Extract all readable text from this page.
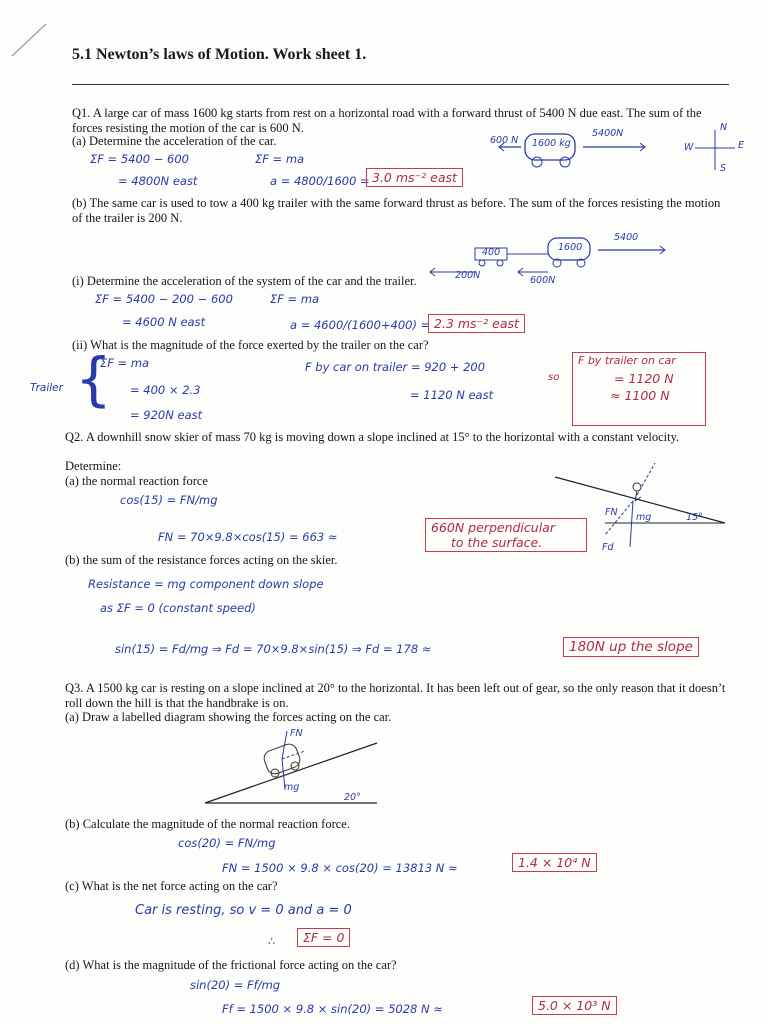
5.1 Newton’s laws of Motion. Work sheet 1.
Q1. A large car of mass 1600 kg starts from rest on a horizontal road with a forward thrust of 5400 N due east. The sum of the forces resisting the motion of the car is 600 N.
(a) Determine the acceleration of the car.
ΣF = 5400 − 600
= 4800N east
ΣF = ma
a = 4800/1600 = 3.0 ms⁻² east
600 N 1600 kg
5400N
N
E
S
W
(b) The same car is used to tow a 400 kg trailer with the same forward thrust as before. The sum of the forces resisting the motion of the trailer is 200 N.
400	1600
5400
200N	600N
(i) Determine the acceleration of the system of the car and the trailer.
ΣF = 5400 − 200 − 600
= 4600 N east
ΣF = ma
a = 4600/(1600+400) = 2.3 ms⁻² east
(ii) What is the magnitude of the force exerted by the trailer on the car?
Trailer {
ΣF = ma
= 400 × 2.3
= 920N east
F by car on trailer = 920 + 200
= 1120 N east
so
F by trailer on car
= 1120 N
≈ 1100 N
Q2. A downhill snow skier of mass 70 kg is moving down a slope inclined at 15° to the horizontal with a constant velocity.
Determine:
(a) the normal reaction force
cos(15) = FN/mg
FN = 70×9.8×cos(15) = 663 ≈
660N perpendicular
to the surface.
FN mg	15°
Fd
(b) the sum of the resistance forces acting on the skier.
Resistance = mg component down slope
as ΣF = 0 (constant speed)
sin(15) = Fd/mg ⇒ Fd = 70×9.8×sin(15) ⇒ Fd = 178 ≈	180N up the slope
Q3. A 1500 kg car is resting on a slope inclined at 20° to the horizontal. It has been left out of gear, so the only reason that it doesn’t roll down the hill is that the handbrake is on.
(a) Draw a labelled diagram showing the forces acting on the car.
FN
mg
20°
(b) Calculate the magnitude of the normal reaction force.
cos(20) = FN/mg
FN = 1500 × 9.8 × cos(20) = 13813 N ≈	1.4 × 10⁴ N
(c) What is the net force acting on the car?
Car is resting, so v = 0 and a = 0
∴	ΣF = 0
(d) What is the magnitude of the frictional force acting on the car?
sin(20) = Ff/mg
Ff = 1500 × 9.8 × sin(20) = 5028 N ≈	5.0 × 10³ N
